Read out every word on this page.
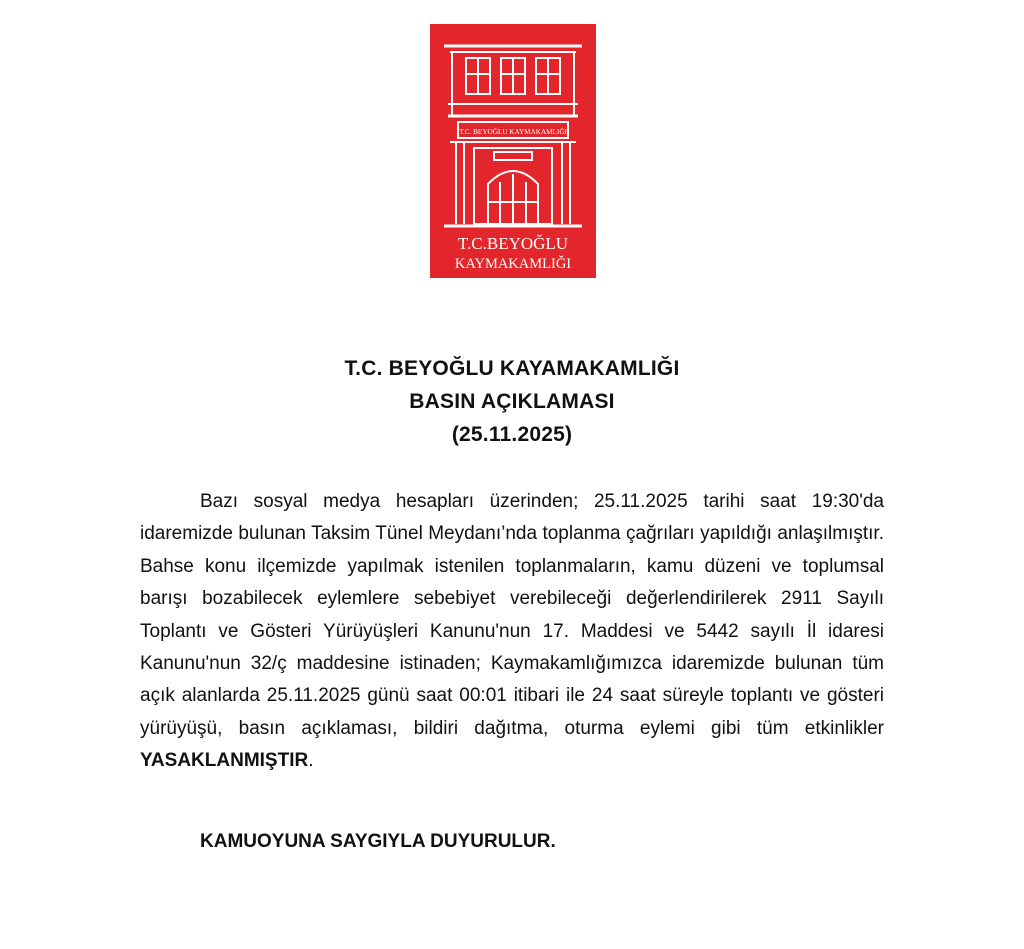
T.C. BEYOĞLU KAYMAKAMLIĞI
T.C.BEYOĞLU
KAYMAKAMLIĞI
T.C. BEYOĞLU KAYAMAKAMLIĞI
BASIN AÇIKLAMASI
(25.11.2025)

Bazı sosyal medya hesapları üzerinden; 25.11.2025 tarihi saat 19:30'da idaremizde bulunan Taksim Tünel Meydanı’nda toplanma çağrıları yapıldığı anlaşılmıştır. Bahse konu ilçemizde yapılmak istenilen toplanmaların, kamu düzeni ve toplumsal barışı bozabilecek eylemlere sebebiyet verebileceği değerlendirilerek 2911 Sayılı Toplantı ve Gösteri Yürüyüşleri Kanunu'nun 17. Maddesi ve 5442 sayılı İl idaresi Kanunu'nun 32/ç maddesine istinaden; Kaymakamlığımızca idaremizde bulunan tüm açık alanlarda 25.11.2025 günü saat 00:01 itibari ile 24 saat süreyle toplantı ve gösteri yürüyüşü, basın açıklaması, bildiri dağıtma, oturma eylemi gibi tüm etkinlikler YASAKLANMIŞTIR.

KAMUOYUNA SAYGIYLA DUYURULUR.
